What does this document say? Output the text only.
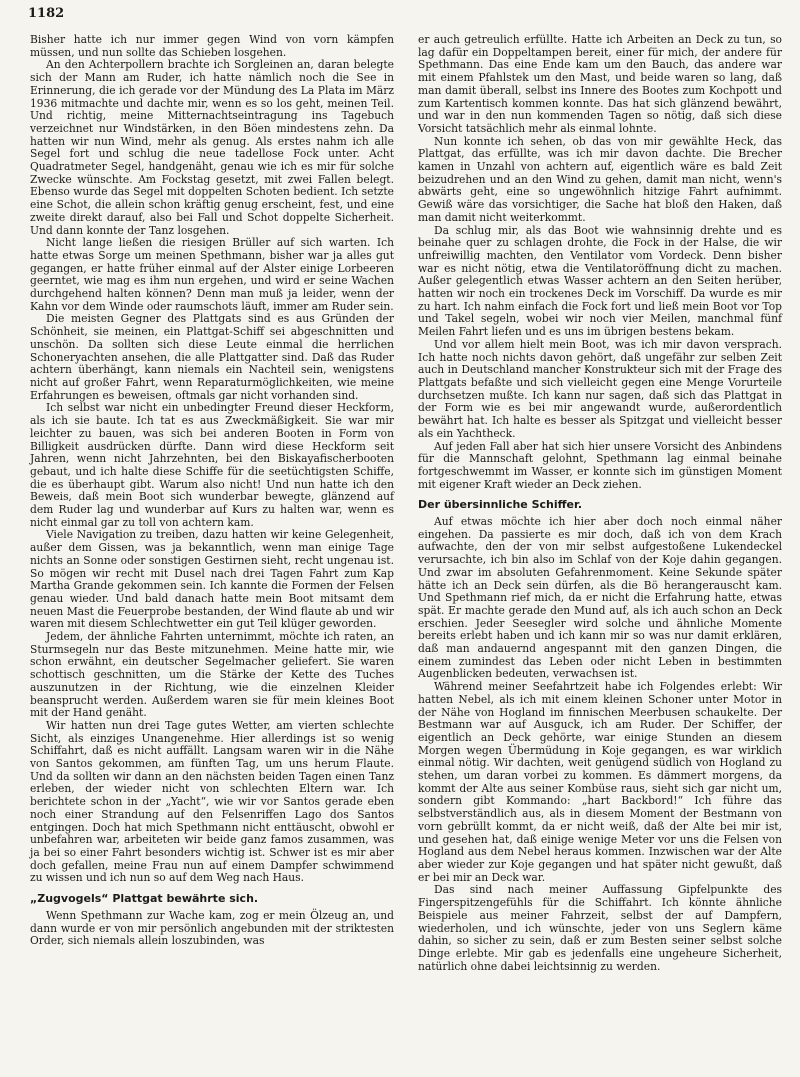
1182

Bisher hatte ich nur immer gegen Wind von vorn kämpfen müssen, und nun sollte das Schieben losgehen.

An den Achterpollern brachte ich Sorgleinen an, daran belegte sich der Mann am Ruder, ich hatte nämlich noch die See in Erinnerung, die ich gerade vor der Mündung des La Plata im März 1936 mitmachte und dachte mir, wenn es so los geht, meinen Teil. Und richtig, meine Mitternachtseintragung ins Tagebuch verzeichnet nur Windstärken, in den Böen mindestens zehn. Da hatten wir nun Wind, mehr als genug. Als erstes nahm ich alle Segel fort und schlug die neue tadellose Fock unter. Acht Quadratmeter Segel, handgenäht, genau wie ich es mir für solche Zwecke wünschte. Am Fockstag gesetzt, mit zwei Fallen belegt. Ebenso wurde das Segel mit doppelten Schoten bedient. Ich setzte eine Schot, die allein schon kräftig genug erscheint, fest, und eine zweite direkt darauf, also bei Fall und Schot doppelte Sicherheit. Und dann konnte der Tanz losgehen.

Nicht lange ließen die riesigen Brüller auf sich warten. Ich hatte etwas Sorge um meinen Spethmann, bisher war ja alles gut gegangen, er hatte früher einmal auf der Alster einige Lorbeeren geerntet, wie mag es ihm nun ergehen, und wird er seine Wachen durchgehend halten können? Denn man muß ja leider, wenn der Kahn vor dem Winde oder raumschots läuft, immer am Ruder sein.

Die meisten Gegner des Plattgats sind es aus Gründen der Schönheit, sie meinen, ein Plattgat-Schiff sei abgeschnitten und unschön. Da sollten sich diese Leute einmal die herrlichen Schoneryachten ansehen, die alle Plattgatter sind. Daß das Ruder achtern überhängt, kann niemals ein Nachteil sein, wenigstens nicht auf großer Fahrt, wenn Reparaturmöglichkeiten, wie meine Erfahrungen es beweisen, oftmals gar nicht vorhanden sind.

Ich selbst war nicht ein unbedingter Freund dieser Heckform, als ich sie baute. Ich tat es aus Zweckmäßigkeit. Sie war mir leichter zu bauen, was sich bei anderen Booten in Form von Billigkeit ausdrücken dürfte. Dann wird diese Heckform seit Jahren, wenn nicht Jahrzehnten, bei den Biskayafischerbooten gebaut, und ich halte diese Schiffe für die seetüchtigsten Schiffe, die es überhaupt gibt. Warum also nicht! Und nun hatte ich den Beweis, daß mein Boot sich wunderbar bewegte, glänzend auf dem Ruder lag und wunderbar auf Kurs zu halten war, wenn es nicht einmal gar zu toll von achtern kam.

Viele Navigation zu treiben, dazu hatten wir keine Gelegenheit, außer dem Gissen, was ja bekanntlich, wenn man einige Tage nichts an Sonne oder sonstigen Gestirnen sieht, recht ungenau ist. So mögen wir recht mit Dusel nach drei Tagen Fahrt zum Kap Martha Grande gekommen sein. Ich kannte die Formen der Felsen genau wieder. Und bald danach hatte mein Boot mitsamt dem neuen Mast die Feuerprobe bestanden, der Wind flaute ab und wir waren mit diesem Schlechtwetter ein gut Teil klüger geworden.

Jedem, der ähnliche Fahrten unternimmt, möchte ich raten, an Sturmsegeln nur das Beste mitzunehmen. Meine hatte mir, wie schon erwähnt, ein deutscher Segelmacher geliefert. Sie waren schottisch geschnitten, um die Stärke der Kette des Tuches auszunutzen in der Richtung, wie die einzelnen Kleider beansprucht werden. Außerdem waren sie für mein kleines Boot mit der Hand genäht.

Wir hatten nun drei Tage gutes Wetter, am vierten schlechte Sicht, als einziges Unangenehme. Hier allerdings ist so wenig Schiffahrt, daß es nicht auffällt. Langsam waren wir in die Nähe von Santos gekommen, am fünften Tag, um uns herum Flaute. Und da sollten wir dann an den nächsten beiden Tagen einen Tanz erleben, der wieder nicht von schlechten Eltern war. Ich berichtete schon in der „Yacht“, wie wir vor Santos gerade eben noch einer Strandung auf den Felsenriffen Lago dos Santos entgingen. Doch hat mich Spethmann nicht enttäuscht, obwohl er unbefahren war, arbeiteten wir beide ganz famos zusammen, was ja bei so einer Fahrt besonders wichtig ist. Schwer ist es mir aber doch gefallen, meine Frau nun auf einem Dampfer schwimmend zu wissen und ich nun so auf dem Weg nach Haus.

„Zugvogels“ Plattgat bewährte sich.

Wenn Spethmann zur Wache kam, zog er mein Ölzeug an, und dann wurde er von mir persönlich angebunden mit der striktesten Order, sich niemals allein loszubinden, was

er auch getreulich erfüllte. Hatte ich Arbeiten an Deck zu tun, so lag dafür ein Doppeltampen bereit, einer für mich, der andere für Spethmann. Das eine Ende kam um den Bauch, das andere war mit einem Pfahlstek um den Mast, und beide waren so lang, daß man damit überall, selbst ins Innere des Bootes zum Kochpott und zum Kartentisch kommen konnte. Das hat sich glänzend bewährt, und war in den nun kommenden Tagen so nötig, daß sich diese Vorsicht tatsächlich mehr als einmal lohnte.

Nun konnte ich sehen, ob das von mir gewählte Heck, das Plattgat, das erfüllte, was ich mir davon dachte. Die Brecher kamen in Unzahl von achtern auf, eigentlich wäre es bald Zeit beizudrehen und an den Wind zu gehen, damit man nicht, wenn's abwärts geht, eine so ungewöhnlich hitzige Fahrt aufnimmt. Gewiß wäre das vorsichtiger, die Sache hat bloß den Haken, daß man damit nicht weiterkommt.

Da schlug mir, als das Boot wie wahnsinnig drehte und es beinahe quer zu schlagen drohte, die Fock in der Halse, die wir unfreiwillig machten, den Ventilator vom Vordeck. Denn bisher war es nicht nötig, etwa die Ventilatoröffnung dicht zu machen. Außer gelegentlich etwas Wasser achtern an den Seiten herüber, hatten wir noch ein trockenes Deck im Vorschiff. Da wurde es mir zu hart. Ich nahm einfach die Fock fort und ließ mein Boot vor Top und Takel segeln, wobei wir noch vier Meilen, manchmal fünf Meilen Fahrt liefen und es uns im übrigen bestens bekam.

Und vor allem hielt mein Boot, was ich mir davon versprach. Ich hatte noch nichts davon gehört, daß ungefähr zur selben Zeit auch in Deutschland mancher Konstrukteur sich mit der Frage des Plattgats befaßte und sich vielleicht gegen eine Menge Vorurteile durchsetzen mußte. Ich kann nur sagen, daß sich das Plattgat in der Form wie es bei mir angewandt wurde, außerordentlich bewährt hat. Ich halte es besser als Spitzgat und vielleicht besser als ein Yachtheck.

Auf jeden Fall aber hat sich hier unsere Vorsicht des Anbindens für die Mannschaft gelohnt, Spethmann lag einmal beinahe fortgeschwemmt im Wasser, er konnte sich im günstigen Moment mit eigener Kraft wieder an Deck ziehen.

Der übersinnliche Schiffer.

Auf etwas möchte ich hier aber doch noch einmal näher eingehen. Da passierte es mir doch, daß ich von dem Krach aufwachte, den der von mir selbst aufgestoßene Lukendeckel verursachte, ich bin also im Schlaf von der Koje dahin gegangen. Und zwar im absoluten Gefahrenmoment. Keine Sekunde später hätte ich an Deck sein dürfen, als die Bö herangerauscht kam. Und Spethmann rief mich, da er nicht die Erfahrung hatte, etwas spät. Er machte gerade den Mund auf, als ich auch schon an Deck erschien. Jeder Seesegler wird solche und ähnliche Momente bereits erlebt haben und ich kann mir so was nur damit erklären, daß man andauernd angespannt mit den ganzen Dingen, die einem zumindest das Leben oder nicht Leben in bestimmten Augenblicken bedeuten, verwachsen ist.

Während meiner Seefahrtzeit habe ich Folgendes erlebt: Wir hatten Nebel, als ich mit einem kleinen Schoner unter Motor in der Nähe von Hogland im finnischen Meerbusen schaukelte. Der Bestmann war auf Ausguck, ich am Ruder. Der Schiffer, der eigentlich an Deck gehörte, war einige Stunden an diesem Morgen wegen Übermüdung in Koje gegangen, es war wirklich einmal nötig. Wir dachten, weit genügend südlich von Hogland zu stehen, um daran vorbei zu kommen. Es dämmert morgens, da kommt der Alte aus seiner Kombüse raus, sieht sich gar nicht um, sondern gibt Kommando: „hart Backbord!“ Ich führe das selbstverständlich aus, als in diesem Moment der Bestmann von vorn gebrüllt kommt, da er nicht weiß, daß der Alte bei mir ist, und gesehen hat, daß einige wenige Meter vor uns die Felsen von Hogland aus dem Nebel heraus kommen. Inzwischen war der Alte aber wieder zur Koje gegangen und hat später nicht gewußt, daß er bei mir an Deck war.

Das sind nach meiner Auffassung Gipfelpunkte des Fingerspitzengefühls für die Schiffahrt. Ich könnte ähnliche Beispiele aus meiner Fahrzeit, selbst der auf Dampfern, wiederholen, und ich wünschte, jeder von uns Seglern käme dahin, so sicher zu sein, daß er zum Besten seiner selbst solche Dinge erlebte. Mir gab es jedenfalls eine ungeheure Sicherheit, natürlich ohne dabei leichtsinnig zu werden.
